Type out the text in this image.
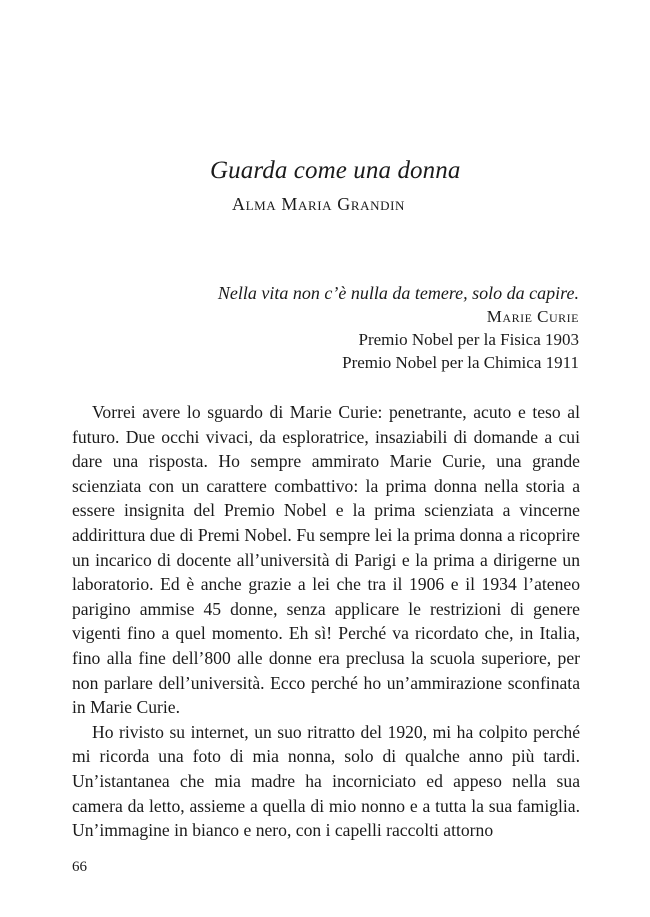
Guarda come una donna
Alma Maria Grandin
Nella vita non c’è nulla da temere, solo da capire.
Marie Curie
Premio Nobel per la Fisica 1903
Premio Nobel per la Chimica 1911

Vorrei avere lo sguardo di Marie Curie: penetrante, acuto e teso al futuro. Due occhi vivaci, da esploratrice, insaziabili di domande a cui dare una risposta. Ho sempre ammirato Marie Curie, una grande scienziata con un carattere combattivo: la prima donna nella storia a essere insignita del Premio Nobel e la prima scienziata a vincerne addirittura due di Premi Nobel. Fu sempre lei la prima donna a ricoprire un incarico di docente all’università di Parigi e la prima a dirigerne un laboratorio. Ed è anche grazie a lei che tra il 1906 e il 1934 l’ateneo parigino ammise 45 donne, senza applicare le restrizioni di genere vigenti fino a quel momento. Eh sì! Perché va ricordato che, in Italia, fino alla fine dell’800 alle donne era preclusa la scuola superiore, per non parlare dell’università. Ecco perché ho un’ammirazione sconfinata in Marie Curie.

Ho rivisto su internet, un suo ritratto del 1920, mi ha colpito perché mi ricorda una foto di mia nonna, solo di qualche anno più tardi. Un’istantanea che mia madre ha incorniciato ed appeso nella sua camera da letto, assieme a quella di mio nonno e a tutta la sua famiglia. Un’immagine in bianco e nero, con i capelli raccolti attorno

66
